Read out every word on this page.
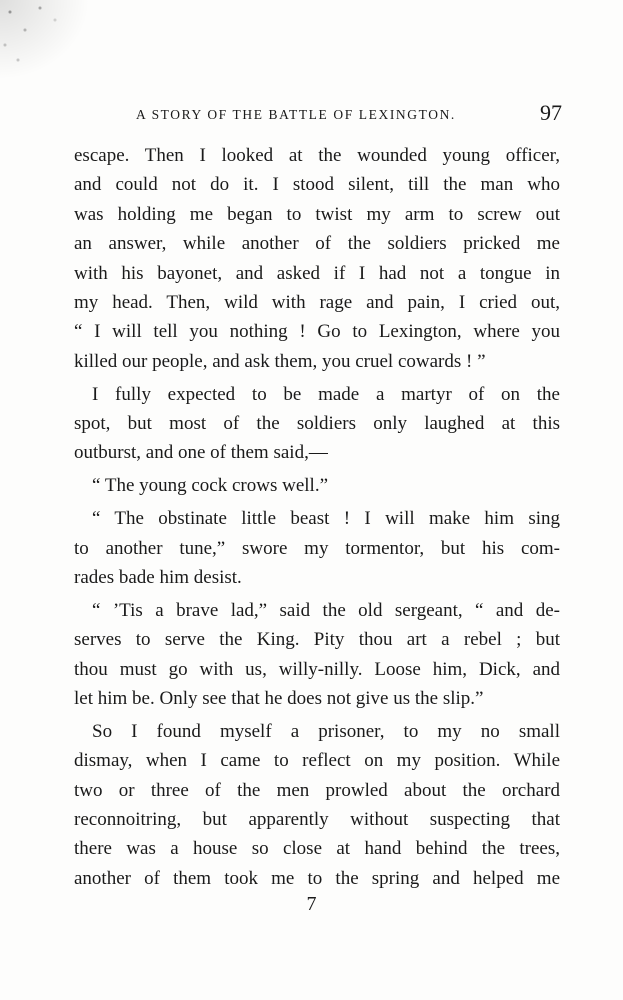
A STORY OF THE BATTLE OF LEXINGTON.	97
escape. Then I looked at the wounded young officer,
and could not do it. I stood silent, till the man who
was holding me began to twist my arm to screw out
an answer, while another of the soldiers pricked me
with his bayonet, and asked if I had not a tongue in
my head. Then, wild with rage and pain, I cried out,
“ I will tell you nothing ! Go to Lexington, where you
killed our people, and ask them, you cruel cowards ! ”
I fully expected to be made a martyr of on the
spot, but most of the soldiers only laughed at this
outburst, and one of them said,—
“ The young cock crows well.”
“ The obstinate little beast ! I will make him sing
to another tune,” swore my tormentor, but his com-
rades bade him desist.
“ ’Tis a brave lad,” said the old sergeant, “ and de-
serves to serve the King. Pity thou art a rebel ; but
thou must go with us, willy-nilly. Loose him, Dick, and
let him be. Only see that he does not give us the slip.”
So I found myself a prisoner, to my no small
dismay, when I came to reflect on my position. While
two or three of the men prowled about the orchard
reconnoitring, but apparently without suspecting that
there was a house so close at hand behind the trees,
another of them took me to the spring and helped me
7
